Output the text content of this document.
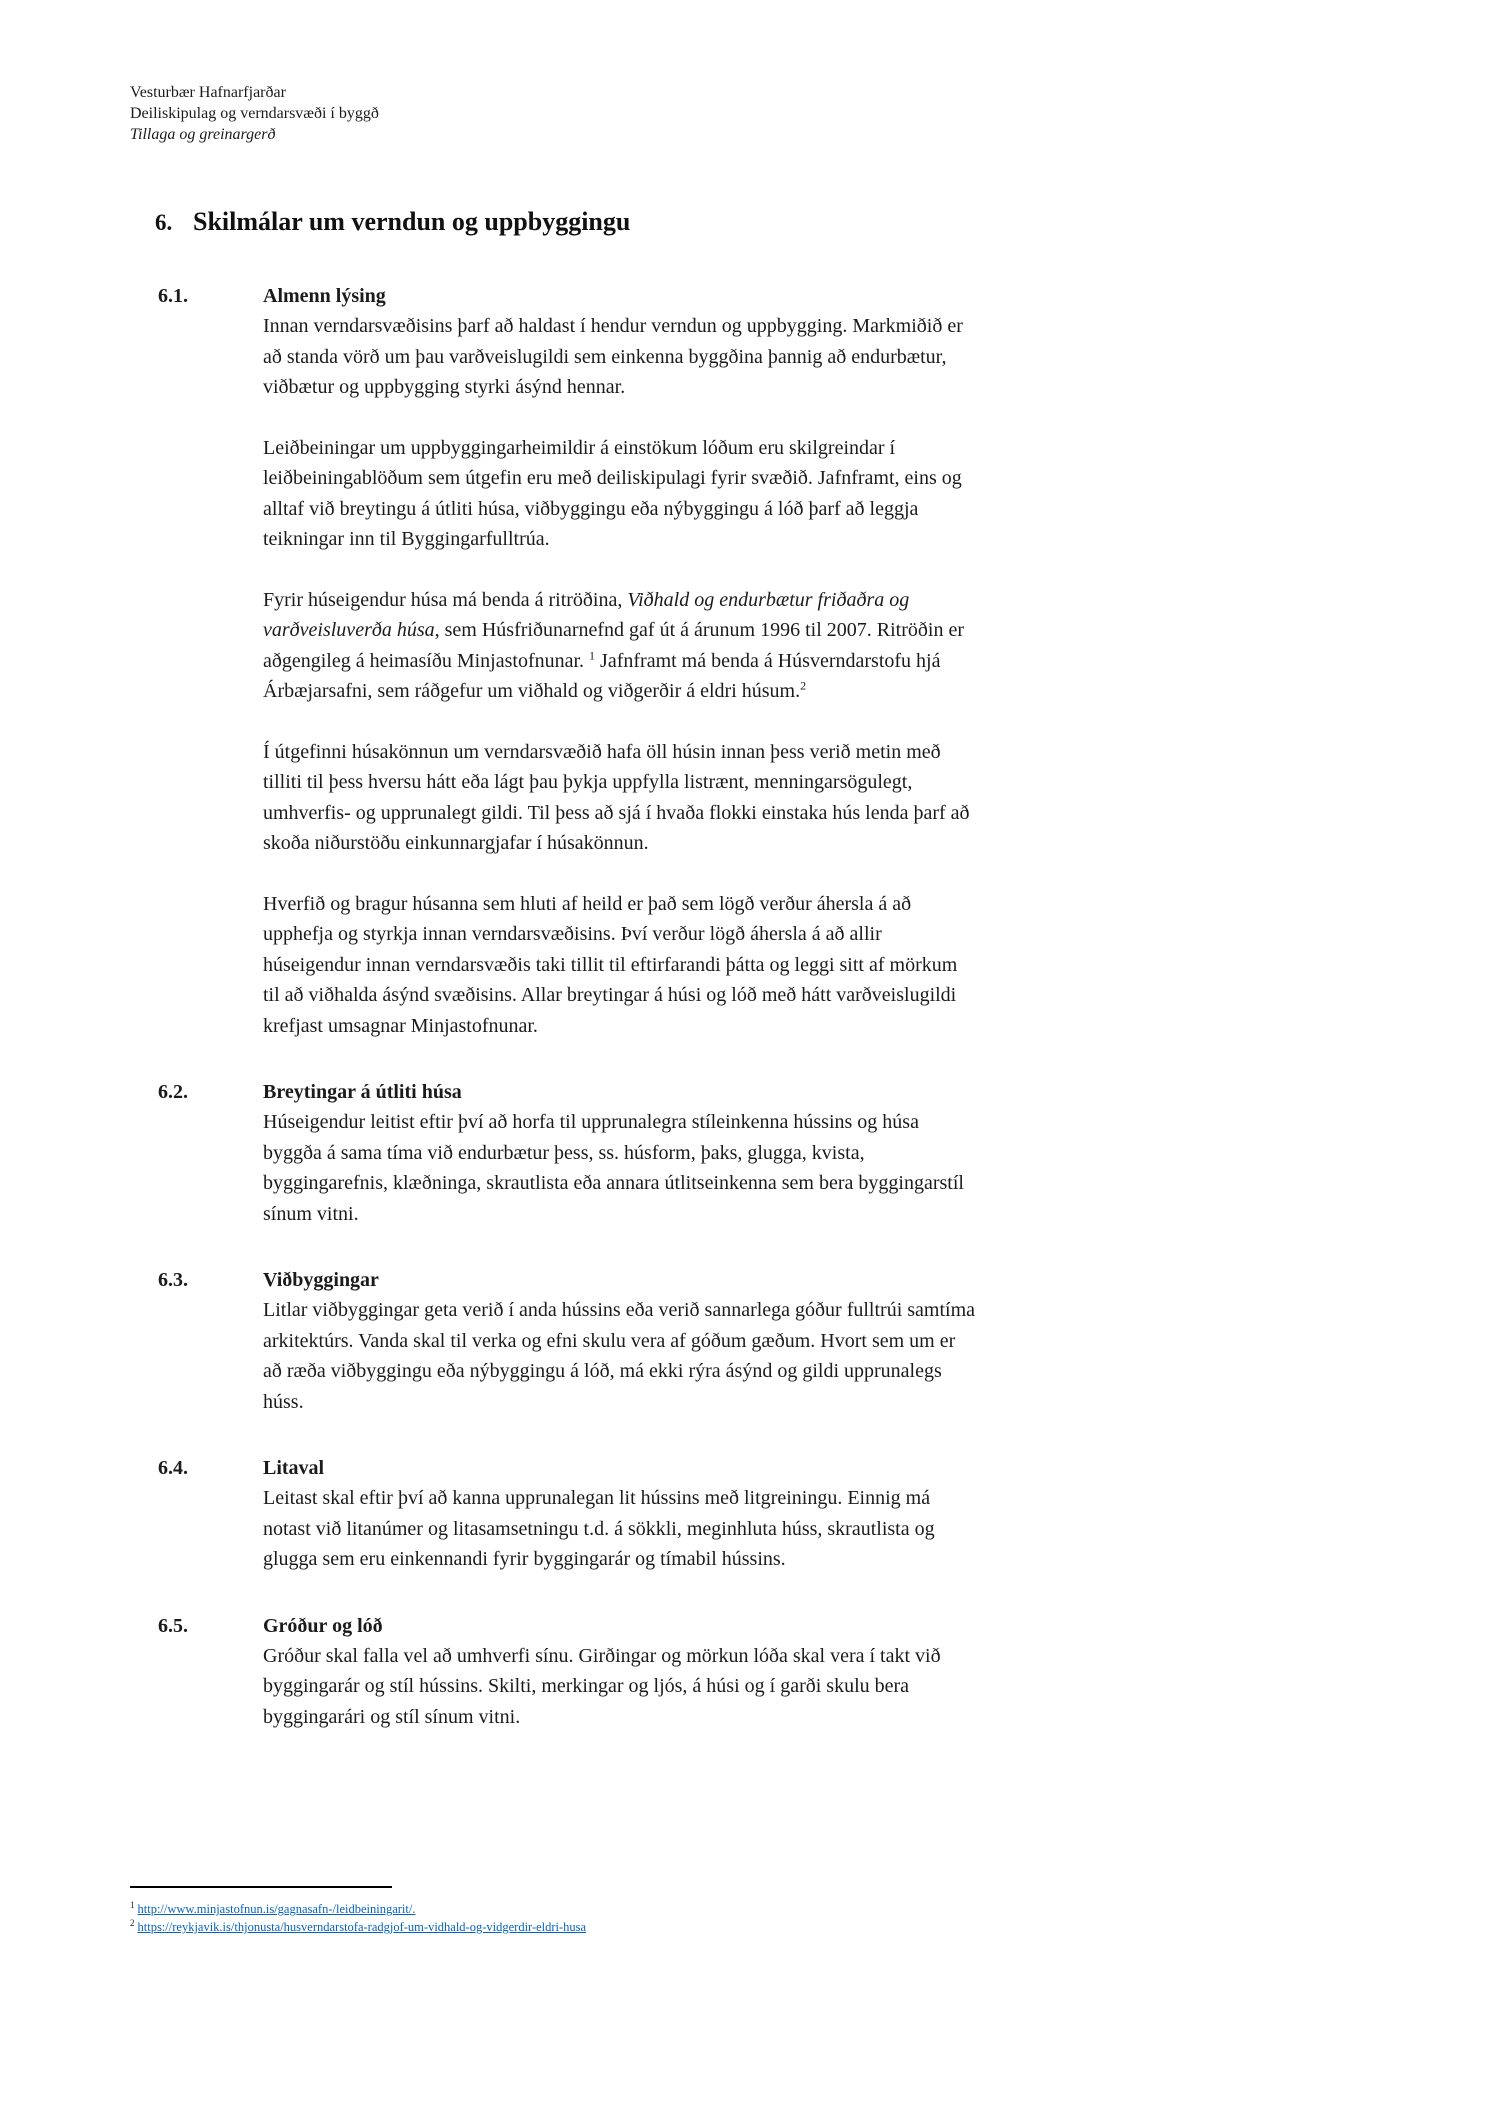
Vesturbær Hafnarfjarðar
Deiliskipulag og verndarsvæði í byggð
Tillaga og greinargerð
6. Skilmálar um verndun og uppbyggingu
6.1.	Almenn lýsing

Innan verndarsvæðisins þarf að haldast í hendur verndun og uppbygging. Markmiðið er að standa vörð um þau varðveislugildi sem einkenna byggðina þannig að endurbætur, viðbætur og uppbygging styrki ásýnd hennar.

Leiðbeiningar um uppbyggingarheimildir á einstökum lóðum eru skilgreindar í leiðbeiningablöðum sem útgefin eru með deiliskipulagi fyrir svæðið. Jafnframt, eins og alltaf við breytingu á útliti húsa, viðbyggingu eða nýbyggingu á lóð þarf að leggja teikningar inn til Byggingarfulltrúa.

Fyrir húseigendur húsa má benda á ritröðina, Viðhald og endurbætur friðaðra og varðveisluverða húsa, sem Húsfriðunarnefnd gaf út á árunum 1996 til 2007. Ritröðin er aðgengileg á heimasíðu Minjastofnunar. $^1$ Jafnframt má benda á Húsverndarstofu hjá Árbæjarsafni, sem ráðgefur um viðhald og viðgerðir á eldri húsum.$^2$

Í útgefinni húsakönnun um verndarsvæðið hafa öll húsin innan þess verið metin með tilliti til þess hversu hátt eða lágt þau þykja uppfylla listrænt, menningarsögulegt, umhverfis- og upprunalegt gildi. Til þess að sjá í hvaða flokki einstaka hús lenda þarf að skoða niðurstöðu einkunnargjafar í húsakönnun.

Hverfið og bragur húsanna sem hluti af heild er það sem lögð verður áhersla á að upphefja og styrkja innan verndarsvæðisins. Því verður lögð áhersla á að allir húseigendur innan verndarsvæðis taki tillit til eftirfarandi þátta og leggi sitt af mörkum til að viðhalda ásýnd svæðisins. Allar breytingar á húsi og lóð með hátt varðveislugildi krefjast umsagnar Minjastofnunar.

6.2.	Breytingar á útliti húsa

Húseigendur leitist eftir því að horfa til upprunalegra stíleinkenna hússins og húsa byggða á sama tíma við endurbætur þess, ss. húsform, þaks, glugga, kvista, byggingarefnis, klæðninga, skrautlista eða annara útlitseinkenna sem bera byggingarstíl sínum vitni.

6.3.	Viðbyggingar

Litlar viðbyggingar geta verið í anda hússins eða verið sannarlega góður fulltrúi samtíma arkitektúrs. Vanda skal til verka og efni skulu vera af góðum gæðum. Hvort sem um er að ræða viðbyggingu eða nýbyggingu á lóð, má ekki rýra ásýnd og gildi upprunalegs húss.

6.4.	Litaval

Leitast skal eftir því að kanna upprunalegan lit hússins með litgreiningu. Einnig má notast við litanúmer og litasamsetningu t.d. á sökkli, meginhluta húss, skrautlista og glugga sem eru einkennandi fyrir byggingarár og tímabil hússins.

6.5.	Gróður og lóð

Gróður skal falla vel að umhverfi sínu. Girðingar og mörkun lóða skal vera í takt við byggingarár og stíl hússins. Skilti, merkingar og ljós, á húsi og í garði skulu bera byggingarári og stíl sínum vitni.

$^1$ http://www.minjastofnun.is/gagnasafn-/leidbeiningarit/.
$^2$ https://reykjavik.is/thjonusta/husverndarstofa-radgjof-um-vidhald-og-vidgerdir-eldri-husa
